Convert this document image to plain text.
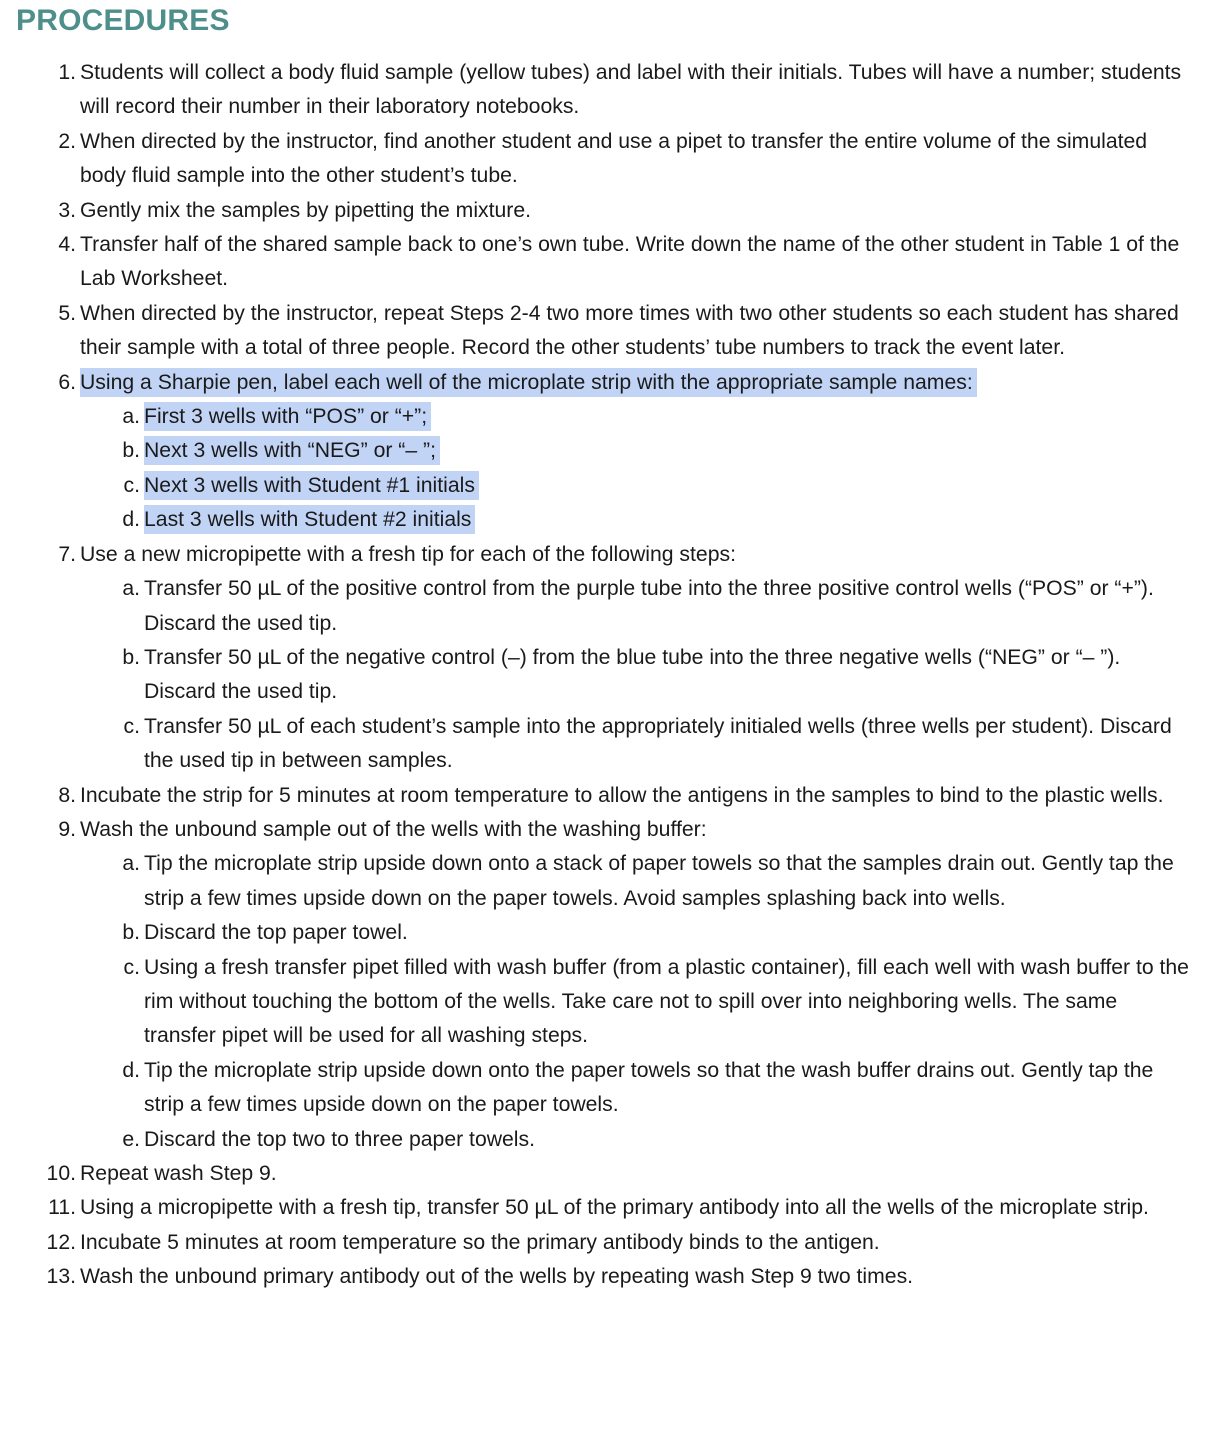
PROCEDURES
1. Students will collect a body fluid sample (yellow tubes) and label with their initials. Tubes will have a number; students will record their number in their laboratory notebooks.
2. When directed by the instructor, find another student and use a pipet to transfer the entire volume of the simulated body fluid sample into the other student’s tube.
3. Gently mix the samples by pipetting the mixture.
4. Transfer half of the shared sample back to one’s own tube. Write down the name of the other student in Table 1 of the Lab Worksheet.
5. When directed by the instructor, repeat Steps 2-4 two more times with two other students so each student has shared their sample with a total of three people. Record the other students’ tube numbers to track the event later.
6. Using a Sharpie pen, label each well of the microplate strip with the appropriate sample names:
a. First 3 wells with “POS” or “+”;
b. Next 3 wells with “NEG” or “– ”;
c. Next 3 wells with Student #1 initials
d. Last 3 wells with Student #2 initials
7. Use a new micropipette with a fresh tip for each of the following steps:
a. Transfer 50 µL of the positive control from the purple tube into the three positive control wells (“POS” or “+”). Discard the used tip.
b. Transfer 50 µL of the negative control (–) from the blue tube into the three negative wells (“NEG” or “– ”). Discard the used tip.
c. Transfer 50 µL of each student’s sample into the appropriately initialed wells (three wells per student). Discard the used tip in between samples.
8. Incubate the strip for 5 minutes at room temperature to allow the antigens in the samples to bind to the plastic wells.
9. Wash the unbound sample out of the wells with the washing buffer:
a. Tip the microplate strip upside down onto a stack of paper towels so that the samples drain out. Gently tap the strip a few times upside down on the paper towels. Avoid samples splashing back into wells.
b. Discard the top paper towel.
c. Using a fresh transfer pipet filled with wash buffer (from a plastic container), fill each well with wash buffer to the rim without touching the bottom of the wells. Take care not to spill over into neighboring wells. The same transfer pipet will be used for all washing steps.
d. Tip the microplate strip upside down onto the paper towels so that the wash buffer drains out. Gently tap the strip a few times upside down on the paper towels.
e. Discard the top two to three paper towels.
10. Repeat wash Step 9.
11. Using a micropipette with a fresh tip, transfer 50 µL of the primary antibody into all the wells of the microplate strip.
12. Incubate 5 minutes at room temperature so the primary antibody binds to the antigen.
13. Wash the unbound primary antibody out of the wells by repeating wash Step 9 two times.
